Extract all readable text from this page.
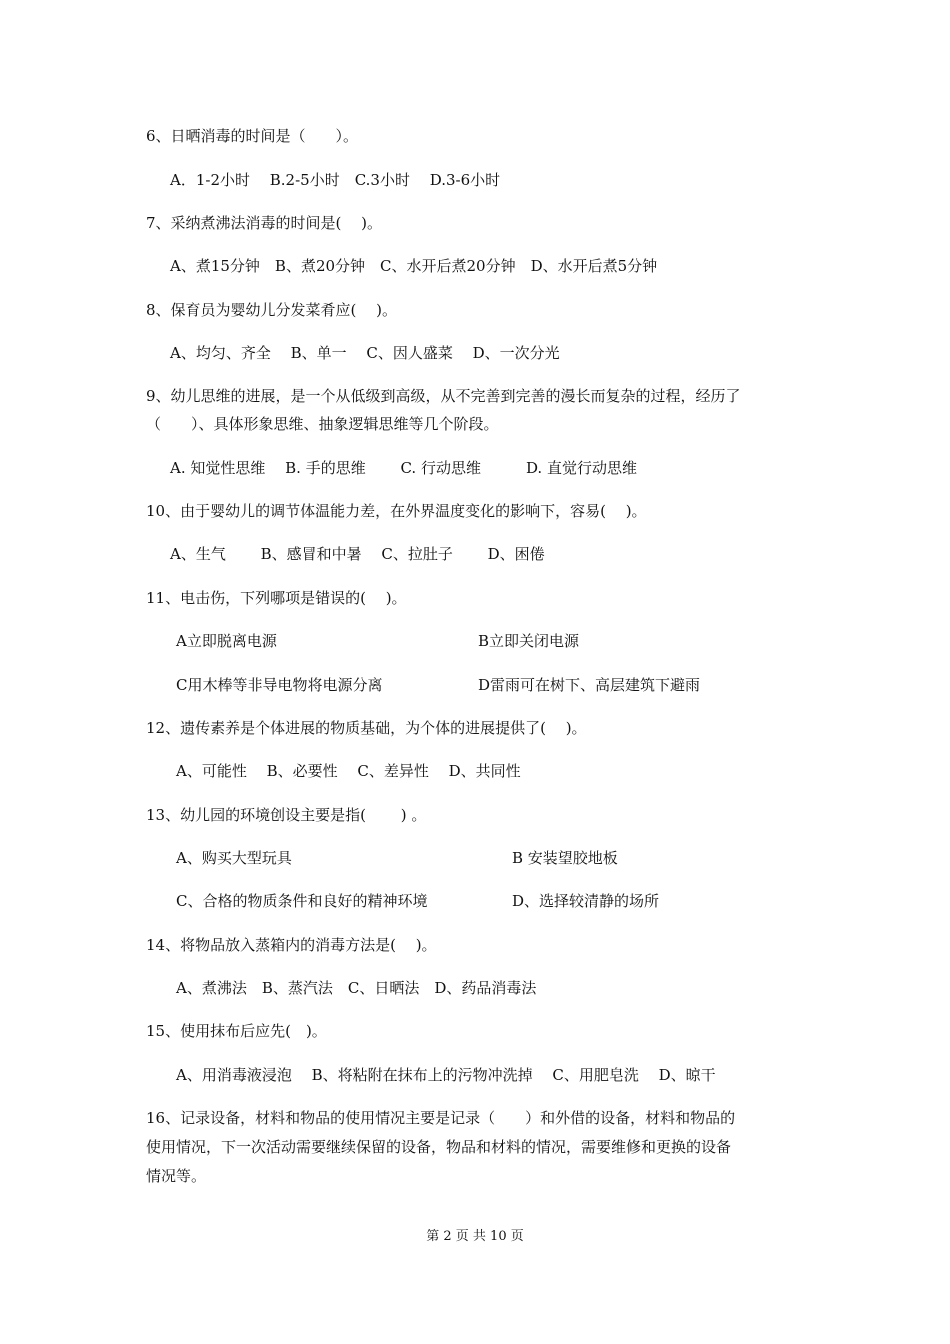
6、日晒消毒的时间是（　　）。
A．1-2小时　 B.2-5小时　C.3小时　 D.3-6小时
7、采纳煮沸法消毒的时间是(　 )。
A、煮15分钟　B、煮20分钟　C、水开后煮20分钟　D、水开后煮5分钟
8、保育员为婴幼儿分发菜肴应(　 )。
A、均匀、齐全　 B、单一　 C、因人盛菜　 D、一次分光
9、幼儿思维的进展，是一个从低级到高级，从不完善到完善的漫长而复杂的过程，经历了
（　　）、具体形象思维、抽象逻辑思维等几个阶段。
A. 知觉性思维　 B. 手的思维　　 C. 行动思维　　　D. 直觉行动思维
10、由于婴幼儿的调节体温能力差，在外界温度变化的影响下，容易(　 )。
A、生气　　 B、感冒和中暑　 C、拉肚子　　 D、困倦
11、电击伤，下列哪项是错误的(　 )。
A立即脱离电源	B立即关闭电源
C用木棒等非导电物将电源分离	D雷雨可在树下、高层建筑下避雨
12、遗传素养是个体进展的物质基础，为个体的进展提供了(　 )。
A、可能性　 B、必要性　 C、差异性　 D、共同性
13、幼儿园的环境创设主要是指(　　 ) 。
A、购买大型玩具	B 安装望胶地板
C、合格的物质条件和良好的精神环境	D、选择较清静的场所
14、将物品放入蒸箱内的消毒方法是(　 )。
A、煮沸法　B、蒸汽法　C、日晒法　D、药品消毒法
15、使用抹布后应先(　)。
A、用消毒液浸泡　 B、将粘附在抹布上的污物冲洗掉　 C、用肥皂洗　 D、晾干
16、记录设备，材料和物品的使用情况主要是记录（　　）和外借的设备，材料和物品的
使用情况，下一次活动需要继续保留的设备，物品和材料的情况，需要维修和更换的设备
情况等。
第 2 页 共 10 页
